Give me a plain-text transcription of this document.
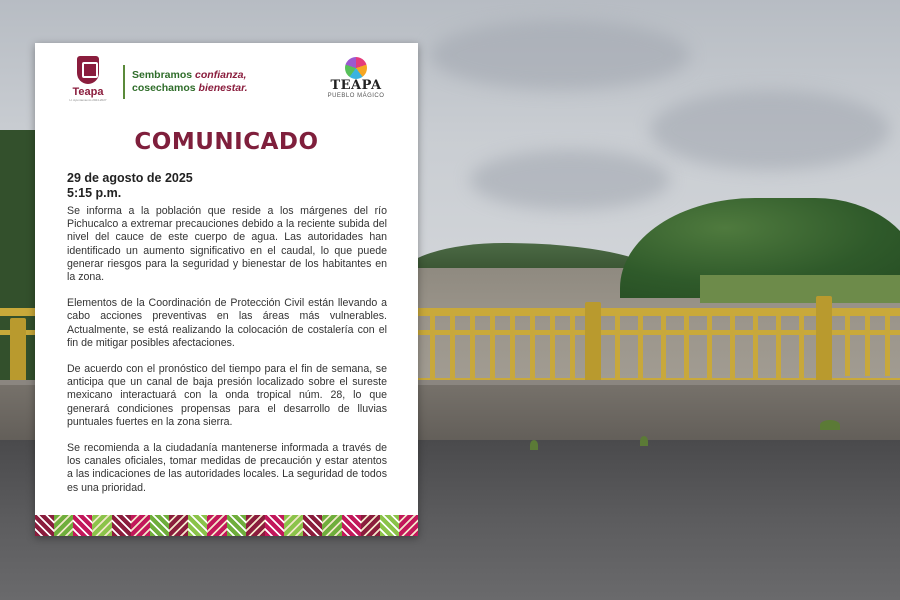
Teapa
H. Ayuntamiento 2024-2027
Sembramos confianza,
cosechamos bienestar.	TEAPA
PUEBLO MÁGICO
COMUNICADO
29 de agosto de 2025
5:15 p.m.

Se informa a la población que reside a los márgenes del río Pichucalco a extremar precauciones debido a la reciente subida del nivel del cauce de este cuerpo de agua. Las autoridades han identificado un aumento significativo en el caudal, lo que puede generar riesgos para la seguridad y bienestar de los habitantes en la zona.

Elementos de la Coordinación de Protección Civil están llevando a cabo acciones preventivas en las áreas más vulnerables. Actualmente, se está realizando la colocación de costalería con el fin de mitigar posibles afectaciones.

De acuerdo con el pronóstico del tiempo para el fin de semana, se anticipa que un canal de baja presión localizado sobre el sureste mexicano interactuará con la onda tropical núm. 28, lo que generará condiciones propensas para el desarrollo de lluvias puntuales fuertes en la zona sierra.

Se recomienda a la ciudadanía mantenerse informada a través de los canales oficiales, tomar medidas de precaución y estar atentos a las indicaciones de las autoridades locales. La seguridad de todos es una prioridad.
